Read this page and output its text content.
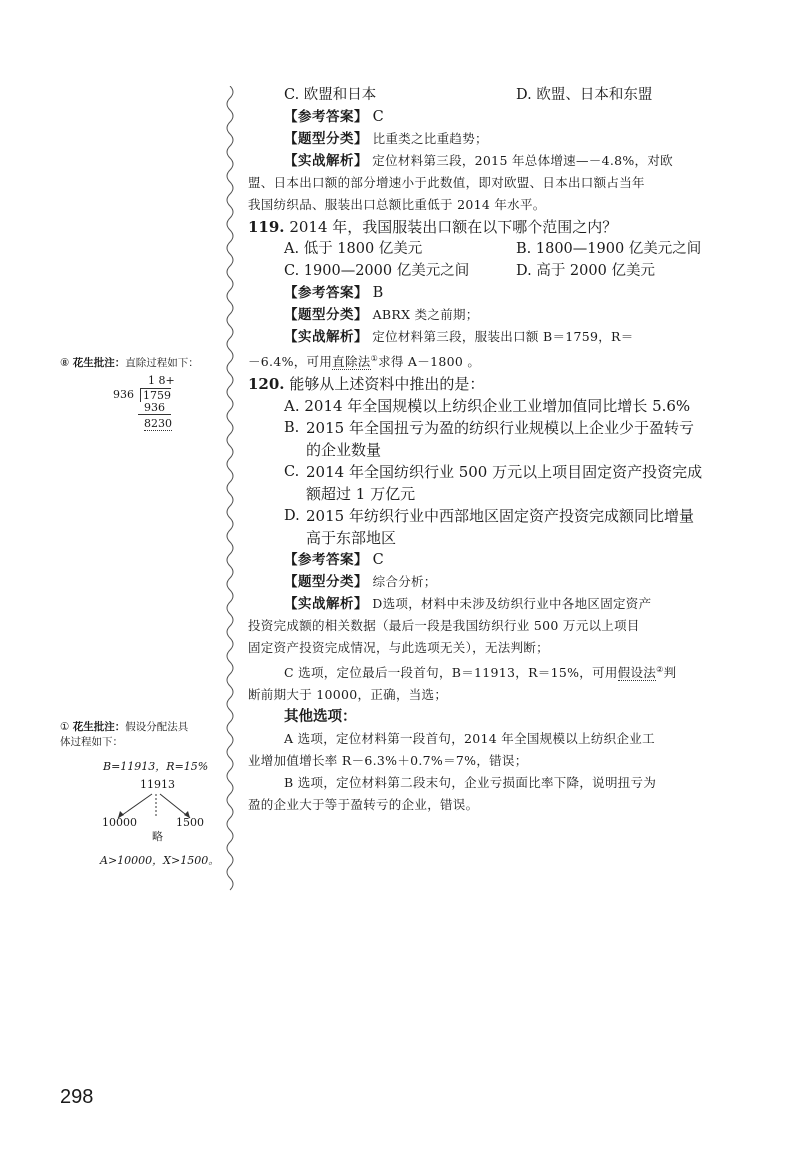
C. 欧盟和日本	D. 欧盟、日本和东盟
【参考答案】 C
【题型分类】 比重类之比重趋势；
【实战解析】 定位材料第三段，2015 年总体增速—－4.8%，对欧
盟、日本出口额的部分增速小于此数值，即对欧盟、日本出口额占当年
我国纺织品、服装出口总额比重低于 2014 年水平。
119. 2014 年，我国服装出口额在以下哪个范围之内？
A. 低于 1800 亿美元	B. 1800—1900 亿美元之间
C. 1900—2000 亿美元之间	D. 高于 2000 亿美元
【参考答案】 B
【题型分类】 ABRX 类之前期；
【实战解析】 定位材料第三段，服装出口额 B＝1759，R＝
－6.4%，可用直除法①求得 A－1800 。
120. 能够从上述资料中推出的是：
A. 2014 年全国规模以上纺织企业工业增加值同比增长 5.6%
B. 2015 年全国扭亏为盈的纺织行业规模以上企业少于盈转亏
的企业数量
C. 2014 年全国纺织行业 500 万元以上项目固定资产投资完成
额超过 1 万亿元
D. 2015 年纺织行业中西部地区固定资产投资完成额同比增量
高于东部地区
【参考答案】 C
【题型分类】 综合分析；
【实战解析】 D选项，材料中未涉及纺织行业中各地区固定资产
投资完成额的相关数据（最后一段是我国纺织行业 500 万元以上项目
固定资产投资完成情况，与此选项无关），无法判断；
C 选项，定位最后一段首句，B＝11913，R＝15%，可用假设法②判
断前期大于 10000，正确，当选；
其他选项：
A 选项，定位材料第一段首句，2014 年全国规模以上纺织企业工
业增加值增长率 R－6.3%＋0.7%＝7%，错误；
B 选项，定位材料第二段末句，企业亏损面比率下降，说明扭亏为
盈的企业大于等于盈转亏的企业，错误。
⑧ 花生批注：直除过程如下：
1 8+
936 1759
936
8230
① 花生批注：假设分配法具
体过程如下：
B=11913，R=15%
11913
10000
略
1500
A>10000，X>1500。
298
